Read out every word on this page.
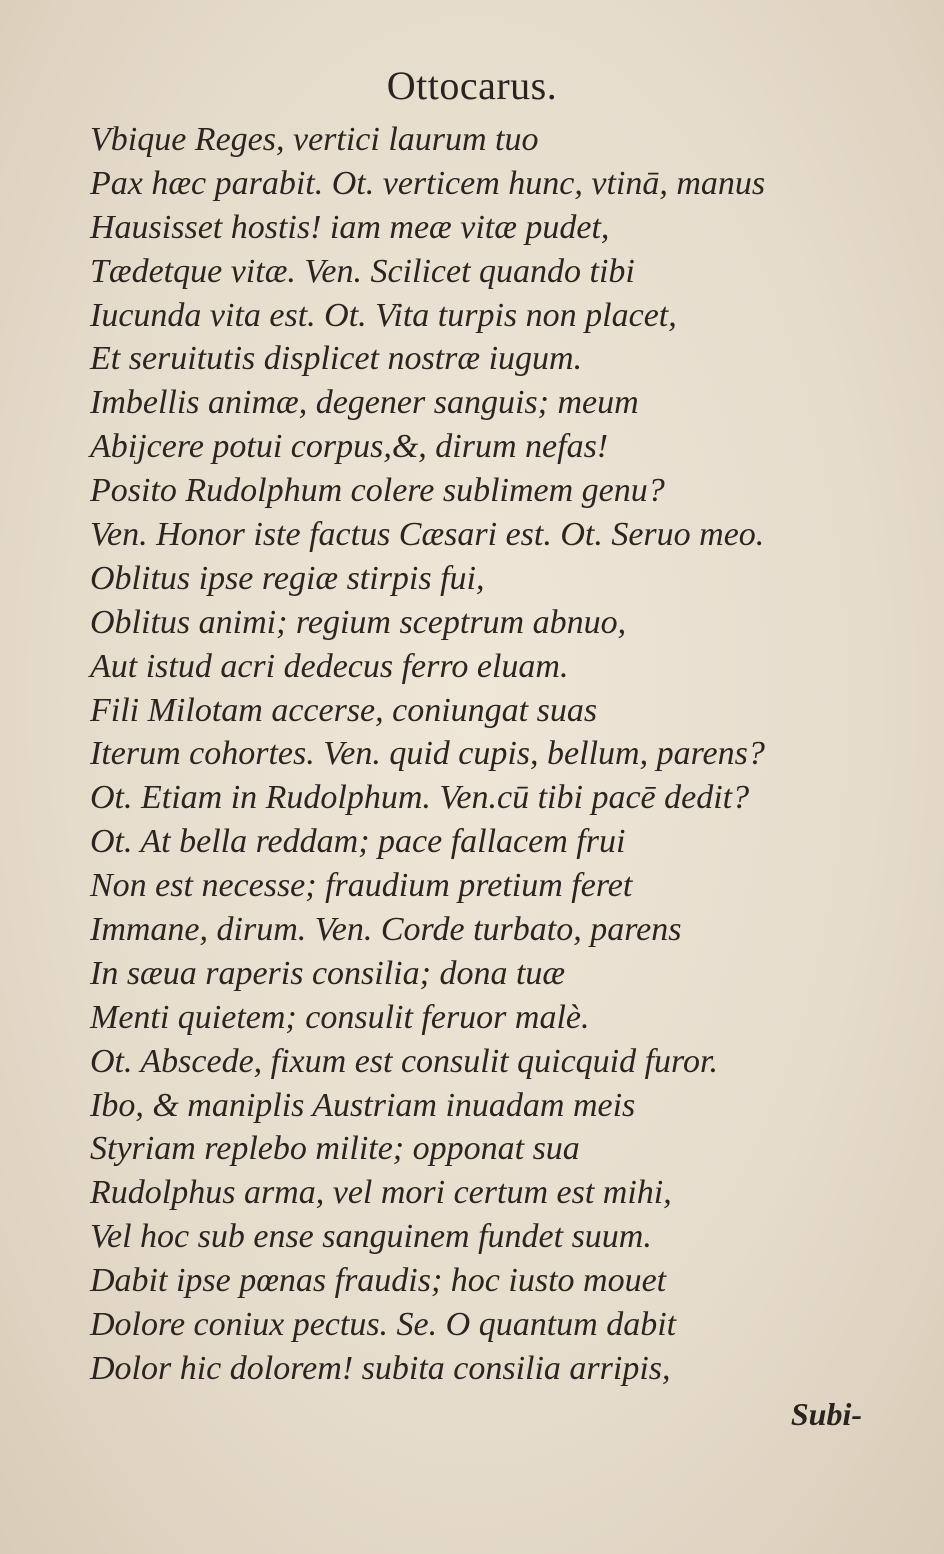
Ottocarus.
Vbique Reges, vertici laurum tuo
Pax hæc parabit. Ot. verticem hunc, vtinā, manus
Hausisset hostis! iam meæ vitæ pudet,
Tædetque vitæ. Ven. Scilicet quando tibi
Iucunda vita est. Ot. Vita turpis non placet,
Et seruitutis displicet nostræ iugum.
Imbellis animæ, degener sanguis; meum
Abijcere potui corpus,&, dirum nefas!
Posito Rudolphum colere sublimem genu?
Ven. Honor iste factus Cæsari est. Ot. Seruo meo.
Oblitus ipse regiæ stirpis fui,
Oblitus animi; regium sceptrum abnuo,
Aut istud acri dedecus ferro eluam.
Fili Milotam accerse, coniungat suas
Iterum cohortes. Ven. quid cupis, bellum, parens?
Ot. Etiam in Rudolphum. Ven.cū tibi pacē dedit?
Ot. At bella reddam; pace fallacem frui
Non est necesse; fraudium pretium feret
Immane, dirum. Ven. Corde turbato, parens
In sæua raperis consilia; dona tuæ
Menti quietem; consulit feruor malè.
Ot. Abscede, fixum est consulit quicquid furor.
Ibo, & maniplis Austriam inuadam meis
Styriam replebo milite; opponat sua
Rudolphus arma, vel mori certum est mihi,
Vel hoc sub ense sanguinem fundet suum.
Dabit ipse pœnas fraudis; hoc iusto mouet
Dolore coniux pectus. Se. O quantum dabit
Dolor hic dolorem! subita consilia arripis,
Subi-
